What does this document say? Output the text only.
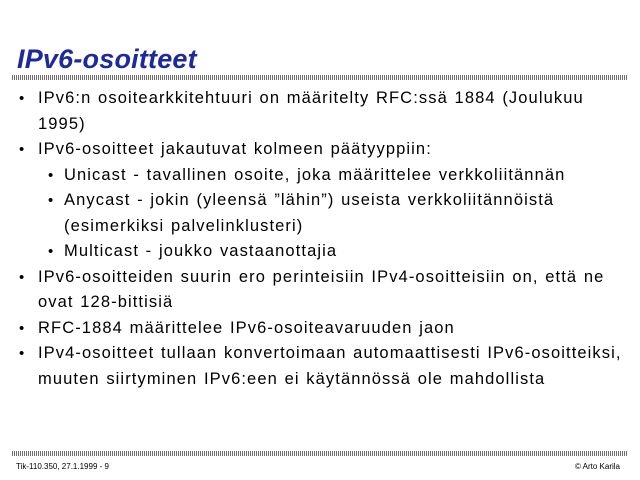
IPv6-osoitteet
• IPv6:n osoitearkkitehtuuri on määritelty RFC:ssä 1884 (Joulukuu 1995)
• IPv6-osoitteet jakautuvat kolmeen päätyyppiin:
• Unicast - tavallinen osoite, joka määrittelee verkkoliitännän
• Anycast - jokin (yleensä ”lähin”) useista verkkoliitännöistä (esimerkiksi palvelinklusteri)
• Multicast - joukko vastaanottajia
• IPv6-osoitteiden suurin ero perinteisiin IPv4-osoitteisiin on, että ne ovat 128-bittisiä
• RFC-1884 määrittelee IPv6-osoiteavaruuden jaon
• IPv4-osoitteet tullaan konvertoimaan automaattisesti IPv6-osoitteiksi, muuten siirtyminen IPv6:een ei käytännössä ole mahdollista
Tik-110.350, 27.1.1999 - 9	© Arto Karila
